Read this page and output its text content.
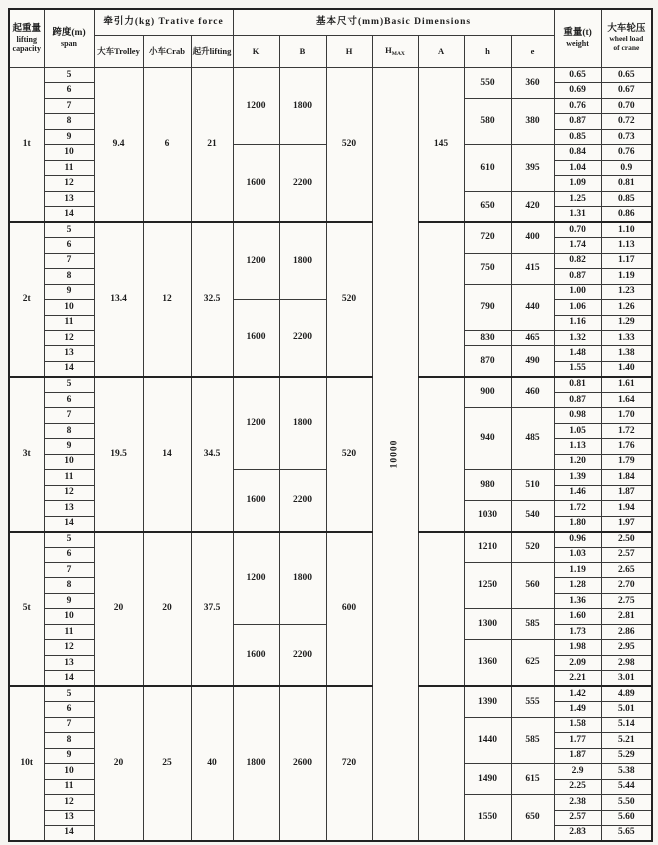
起重量
lifting
capacity	跨度(m)
span	牵引力(kg) Trative force			基本尺寸(mm)Basic Dimensions							重量(t)
weight	大车轮压
wheel load
of crane

		大车Trolley	小车Crab	起升lifting	K	B	H	$H_{MAX}$	A	h	e		
1t	5	9.4	6	21	1200	1800	520	10000	145	550	360	0.65	0.65
	6											0.69	0.67
	7									580	380	0.76	0.70
	8											0.87	0.72
	9											0.85	0.73
	10				1600	2200				610	395	0.84	0.76
	11											1.04	0.9
	12											1.09	0.81
	13									650	420	1.25	0.85
	14											1.31	0.86
2t	5	13.4	12	32.5	1200	1800	520			720	400	0.70	1.10
	6											1.74	1.13
	7									750	415	0.82	1.17
	8											0.87	1.19
	9									790	440	1.00	1.23
	10				1600	2200						1.06	1.26
	11											1.16	1.29
	12									830	465	1.32	1.33
	13									870	490	1.48	1.38
	14											1.55	1.40
3t	5	19.5	14	34.5	1200	1800	520			900	460	0.81	1.61
	6											0.87	1.64
	7									940	485	0.98	1.70
	8											1.05	1.72
	9											1.13	1.76
	10											1.20	1.79
	11				1600	2200				980	510	1.39	1.84
	12											1.46	1.87
	13									1030	540	1.72	1.94
	14											1.80	1.97
5t	5	20	20	37.5	1200	1800	600			1210	520	0.96	2.50
	6											1.03	2.57
	7									1250	560	1.19	2.65
	8											1.28	2.70
	9											1.36	2.75
	10									1300	585	1.60	2.81
	11				1600	2200						1.73	2.86
	12									1360	625	1.98	2.95
	13											2.09	2.98
	14											2.21	3.01
10t	5	20	25	40	1800	2600	720			1390	555	1.42	4.89
	6											1.49	5.01
	7									1440	585	1.58	5.14
	8											1.77	5.21
	9											1.87	5.29
	10									1490	615	2.9	5.38
	11											2.25	5.44
	12									1550	650	2.38	5.50
	13											2.57	5.60
	14											2.83	5.65
